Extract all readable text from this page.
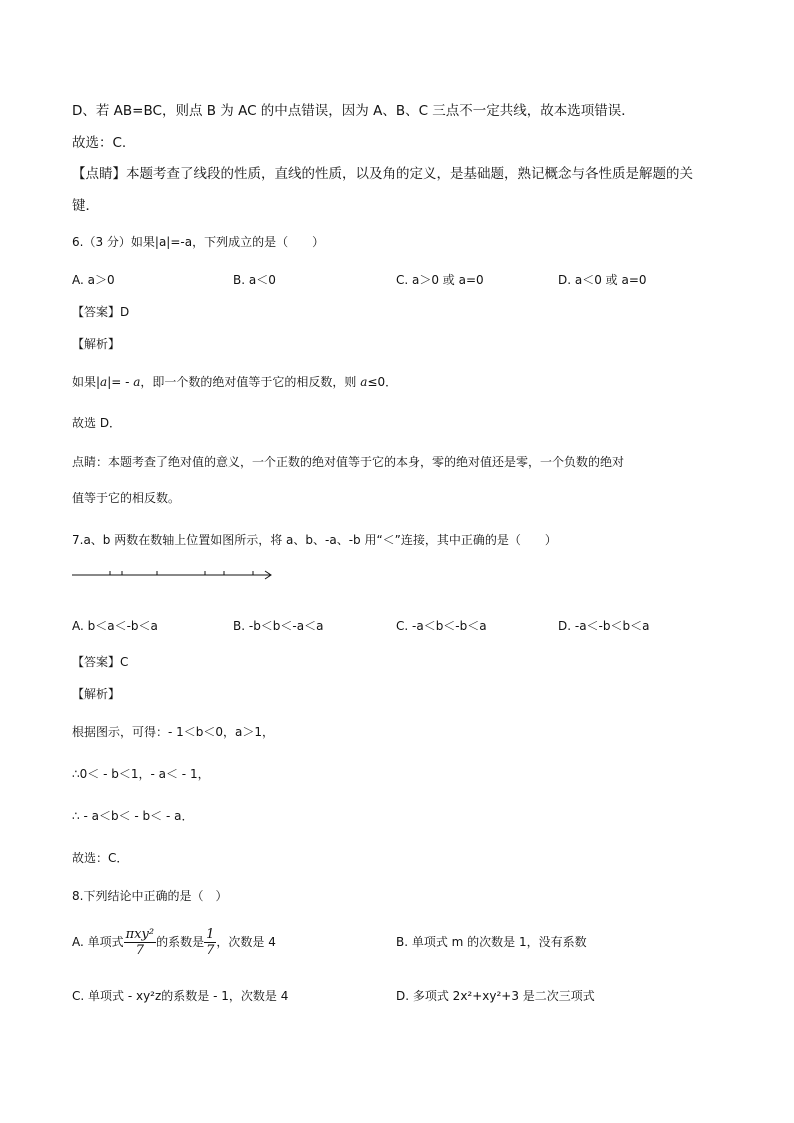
D、若 AB=BC，则点 B 为 AC 的中点错误，因为 A、B、C 三点不一定共线，故本选项错误．
故选：C.
【点睛】本题考查了线段的性质，直线的性质，以及角的定义，是基础题，熟记概念与各性质是解题的关
键．
6.（3 分）如果|a|=-a，下列成立的是（　　）
A. a＞0	B. a＜0	C. a＞0 或 a=0	D. a＜0 或 a=0
【答案】D
【解析】
如果|a|= - a，即一个数的绝对值等于它的相反数，则 a≤0．
故选 D．
点睛：本题考查了绝对值的意义，一个正数的绝对值等于它的本身，零的绝对值还是零，一个负数的绝对
值等于它的相反数。
7.a、b 两数在数轴上位置如图所示，将 a、b、-a、-b 用“＜”连接，其中正确的是（　　）
A. b＜a＜-b＜a	B. -b＜b＜-a＜a	C. -a＜b＜-b＜a	D. -a＜-b＜b＜a
【答案】C
【解析】
根据图示，可得：- 1＜b＜0，a＞1，
∴0＜ - b＜1，- a＜ - 1，
∴ - a＜b＜ - b＜ - a．
故选：C．
8.下列结论中正确的是（　）
A. 单项式 $\frac{\text{πxy²}}{7}$ 的系数是 $\frac{1}{7}$ ，次数是 4	B. 单项式 m 的次数是 1，没有系数
C. 单项式 - xy²z的系数是 - 1，次数是 4	D. 多项式 2x²+xy²+3 是二次三项式
